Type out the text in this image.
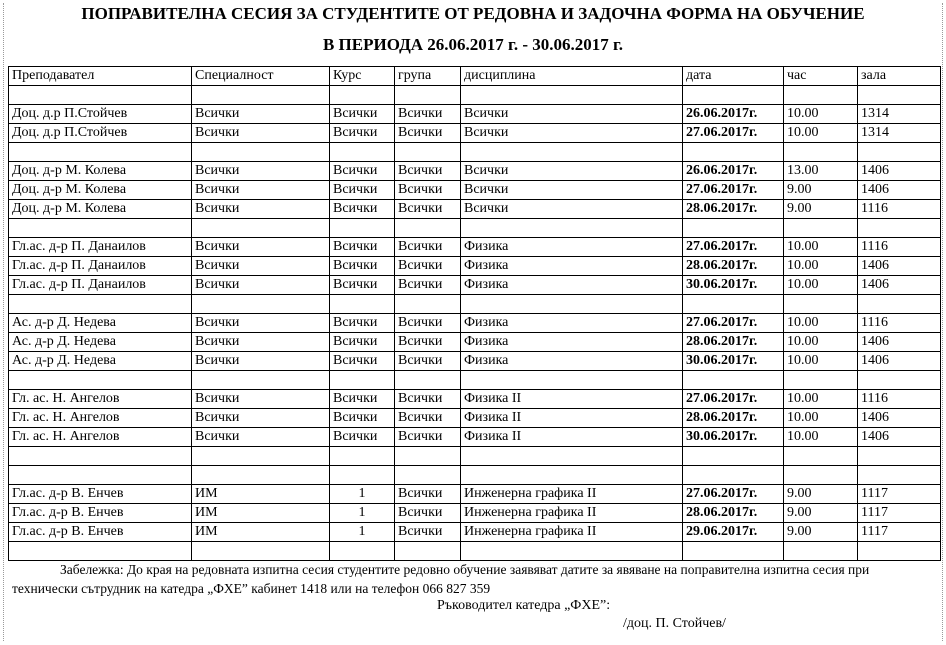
ПОПРАВИТЕЛНА СЕСИЯ ЗА СТУДЕНТИТЕ ОТ РЕДОВНА И ЗАДОЧНА ФОРМА НА ОБУЧЕНИЕ
В ПЕРИОДА 26.06.2017 г. - 30.06.2017 г.
Преподавател	Специалност	Курс	група	дисциплина	дата	час	зала

Доц. д.р П.Стойчев	Всички	Всички	Всички	Всички	26.06.2017г.	10.00	1314
Доц. д.р П.Стойчев	Всички	Всички	Всички	Всички	27.06.2017г.	10.00	1314

Доц. д-р М. Колева	Всички	Всички	Всички	Всички	26.06.2017г.	13.00	1406
Доц. д-р М. Колева	Всички	Всички	Всички	Всички	27.06.2017г.	9.00	1406
Доц. д-р М. Колева	Всички	Всички	Всички	Всички	28.06.2017г.	9.00	1116

Гл.ас. д-р П. Данаилов	Всички	Всички	Всички	Физика	27.06.2017г.	10.00	1116
Гл.ас. д-р П. Данаилов	Всички	Всички	Всички	Физика	28.06.2017г.	10.00	1406
Гл.ас. д-р П. Данаилов	Всички	Всички	Всички	Физика	30.06.2017г.	10.00	1406

Ас. д-р Д. Недева	Всички	Всички	Всички	Физика	27.06.2017г.	10.00	1116
Ас. д-р Д. Недева	Всички	Всички	Всички	Физика	28.06.2017г.	10.00	1406
Ас. д-р Д. Недева	Всички	Всички	Всички	Физика	30.06.2017г.	10.00	1406

Гл. ас. Н. Ангелов	Всички	Всички	Всички	Физика II	27.06.2017г.	10.00	1116
Гл. ас. Н. Ангелов	Всички	Всички	Всички	Физика II	28.06.2017г.	10.00	1406
Гл. ас. Н. Ангелов	Всички	Всички	Всички	Физика II	30.06.2017г.	10.00	1406

Гл.ас. д-р В. Енчев	ИМ	1	Всички	Инженерна графика II	27.06.2017г.	9.00	1117
Гл.ас. д-р В. Енчев	ИМ	1	Всички	Инженерна графика II	28.06.2017г.	9.00	1117
Гл.ас. д-р В. Енчев	ИМ	1	Всички	Инженерна графика II	29.06.2017г.	9.00	1117

Забележка: До края на редовната изпитна сесия студентите редовно обучение заявяват датите за явяване на поправителна изпитна сесия при
технически сътрудник на катедра „ФХЕ” кабинет 1418 или на телефон 066 827 359
Ръководител катедра „ФХЕ”:
/доц. П. Стойчев/
